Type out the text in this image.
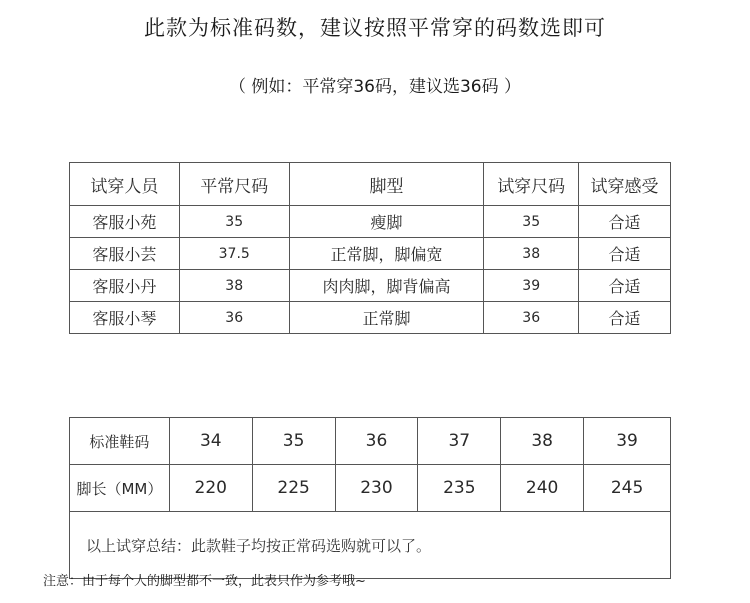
此款为标准码数，建议按照平常穿的码数选即可
（ 例如：平常穿36码，建议选36码 ）
试穿人员	平常尺码	脚型	试穿尺码	试穿感受
客服小苑	35	瘦脚	35	合适
客服小芸	37.5	正常脚，脚偏宽	38	合适
客服小丹	38	肉肉脚，脚背偏高	39	合适
客服小琴	36	正常脚	36	合适
标准鞋码	34	35	36	37	38	39
脚长（MM）	220	225	230	235	240	245
以上试穿总结：此款鞋子均按正常码选购就可以了。						
注意：由于每个人的脚型都不一致，此表只作为参考哦~
